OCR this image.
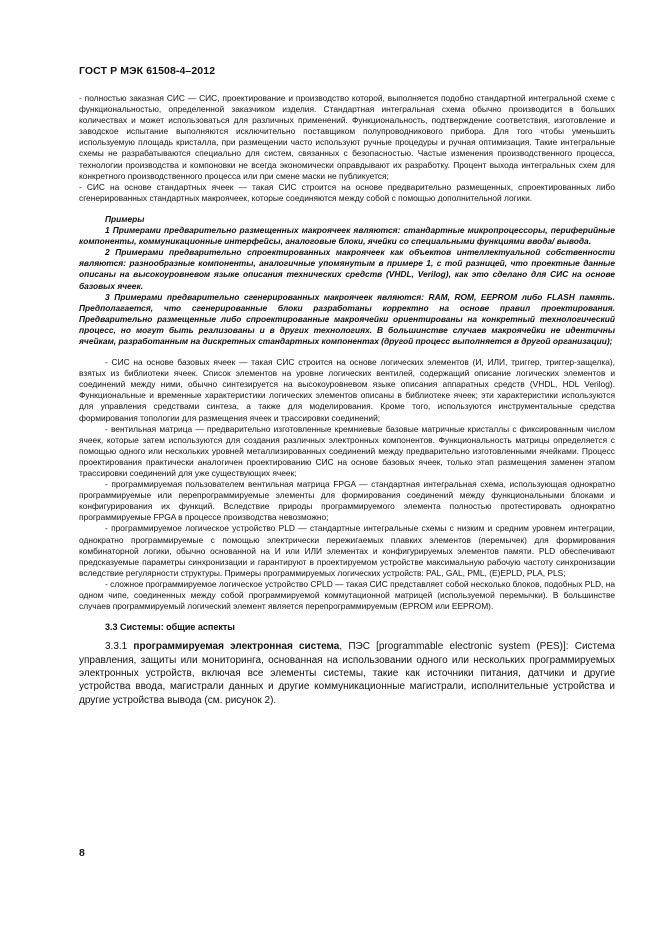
ГОСТ Р МЭК 61508-4–2012

- полностью заказная СИС — СИС, проектирование и производство которой, выполняется подобно стандартной интегральной схеме с функциональностью, определенной заказчиком изделия. Стандартная интегральная схема обычно производится в больших количествах и может использоваться для различных применений. Функциональность, подтверждение соответствия, изготовление и заводское испытание выполняются исключительно поставщиком полупроводникового прибора. Для того чтобы уменьшить используемую площадь кристалла, при размещении часто используют ручные процедуры и ручная оптимизация. Такие интегральные схемы не разрабатываются специально для систем, связанных с безопасностью. Частые изменения производственного процесса, технологии производства и компоновки не всегда экономически оправдывают их разработку. Процент выхода интегральных схем для конкретного производственного процесса или при смене маски не публикуется;

- СИС на основе стандартных ячеек — такая СИС строится на основе предварительно размещенных, спроектированных либо сгенерированных стандартных макроячеек, которые соединяются между собой с помощью дополнительной логики.

Примеры

1 Примерами предварительно размещенных макроячеек являются: стандартные микропроцессоры, периферийные компоненты, коммуникационные интерфейсы, аналоговые блоки, ячейки со специальными функциями ввода/ вывода.

2 Примерами предварительно спроектированных макроячеек как объектов интеллектуальной собственности являются: разнообразные компоненты, аналогичные упомянутым в примере 1, с той разницей, что проектные данные описаны на высокоуровневом языке описания технических средств (VHDL, Verilog), как это сделано для СИС на основе базовых ячеек.

3 Примерами предварительно сгенерированных макроячеек являются: RAM, ROM, EEPROM либо FLASH память. Предполагается, что сгенерированные блоки разработаны корректно на основе правил проектирования. Предварительно размещенные либо спроектированные макроячейки ориентированы на конкретный технологический процесс, но могут быть реализованы и в других технологиях. В большинстве случаев макроячейки не идентичны ячейкам, разработанным на дискретных стандартных компонентах (другой процесс выполняется в другой организации);

- СИС на основе базовых ячеек — такая СИС строится на основе логических элементов (И, ИЛИ, триггер, триггер-защелка), взятых из библиотеки ячеек. Список элементов на уровне логических вентилей, содержащий описание логических элементов и соединений между ними, обычно синтезируется на высокоуровневом языке описания аппаратных средств (VHDL, HDL Verilog). Функциональные и временные характеристики логических элементов описаны в библиотеке ячеек; эти характеристики используются для управления средствами синтеза, а также для моделирования. Кроме того, используются инструментальные средства формирования топологии для размещения ячеек и трассировки соединений;

- вентильная матрица — предварительно изготовленные кремниевые базовые матричные кристаллы с фиксированным числом ячеек, которые затем используются для создания различных электронных компонентов. Функциональность матрицы определяется с помощью одного или нескольких уровней металлизированных соединений между предварительно изготовленными ячейками. Процесс проектирования практически аналогичен проектированию СИС на основе базовых ячеек, только этап размещения заменен этапом трассировки соединений для уже существующих ячеек;

- программируемая пользователем вентильная матрица FPGA — стандартная интегральная схема, использующая однократно программируемые или перепрограммируемые элементы для формирования соединений между функциональными блоками и конфигурирования их функций. Вследствие природы программируемого элемента полностью протестировать однократно программируемые FPGA в процессе производства невозможно;

- программируемое логическое устройство PLD — стандартные интегральные схемы с низким и средним уровнем интеграции, однократно программируемые с помощью электрически пережигаемых плавких элементов (перемычек) для формирования комбинаторной логики, обычно основанной на И или ИЛИ элементах и конфигурируемых элементов памяти. PLD обеспечивают предсказуемые параметры синхронизации и гарантируют в проектируемом устройстве максимальную рабочую частоту синхронизации вследствие регулярности структуры. Примеры программируемых логических устройств: PAL, GAL, PML, (E)EPLD, PLA, PLS;

- сложное программируемое логическое устройство CPLD — такая СИС представляет собой несколько блоков, подобных PLD, на одном чипе, соединенных между собой программируемой коммутационной матрицей (используемой перемычки). В большинстве случаев программируемый логический элемент является перепрограммируемым (EPROM или EEPROM).

3.3 Системы: общие аспекты

3.3.1 программируемая электронная система, ПЭС [programmable electronic system (PES)]: Система управления, защиты или мониторинга, основанная на использовании одного или нескольких программируемых электронных устройств, включая все элементы системы, такие как источники питания, датчики и другие устройства ввода, магистрали данных и другие коммуникационные магистрали, исполнительные устройства и другие устройства вывода (см. рисунок 2).

8
